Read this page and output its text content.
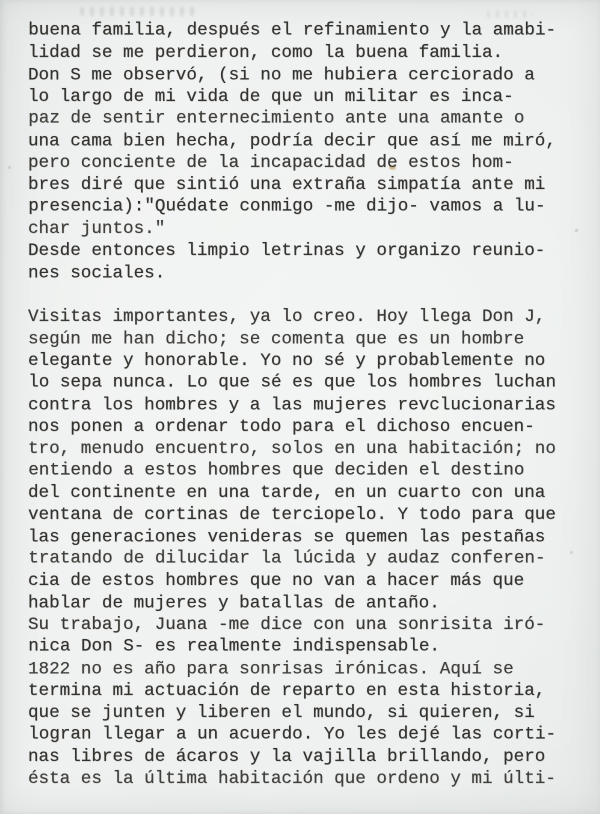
buena familia, después el refinamiento y la amabi-
lidad se me perdieron, como la buena familia.
Don S me observó, (si no me hubiera cerciorado a
lo largo de mi vida de que un militar es inca-
paz de sentir enternecimiento ante una amante o
una cama bien hecha, podría decir que así me miró,
pero conciente de la incapacidad de estos hom-
bres diré que sintió una extraña simpatía ante mi
presencia):"Quédate conmigo -me dijo- vamos a lu-
char juntos."
Desde entonces limpio letrinas y organizo reunio-
nes sociales.
Visitas importantes, ya lo creo. Hoy llega Don J,
según me han dicho; se comenta que es un hombre
elegante y honorable. Yo no sé y probablemente no
lo sepa nunca. Lo que sé es que los hombres luchan
contra los hombres y a las mujeres revclucionarias
nos ponen a ordenar todo para el dichoso encuen-
tro, menudo encuentro, solos en una habitación; no
entiendo a estos hombres que deciden el destino
del continente en una tarde, en un cuarto con una
ventana de cortinas de terciopelo. Y todo para que
las generaciones venideras se quemen las pestañas
tratando de dilucidar la lúcida y audaz conferen-
cia de estos hombres que no van a hacer más que
hablar de mujeres y batallas de antaño.
Su trabajo, Juana -me dice con una sonrisita iró-
nica Don S- es realmente indispensable.
1822 no es año para sonrisas irónicas. Aquí se
termina mi actuación de reparto en esta historia,
que se junten y liberen el mundo, si quieren, si
logran llegar a un acuerdo. Yo les dejé las corti-
nas libres de ácaros y la vajilla brillando, pero
ésta es la última habitación que ordeno y mi últi-
